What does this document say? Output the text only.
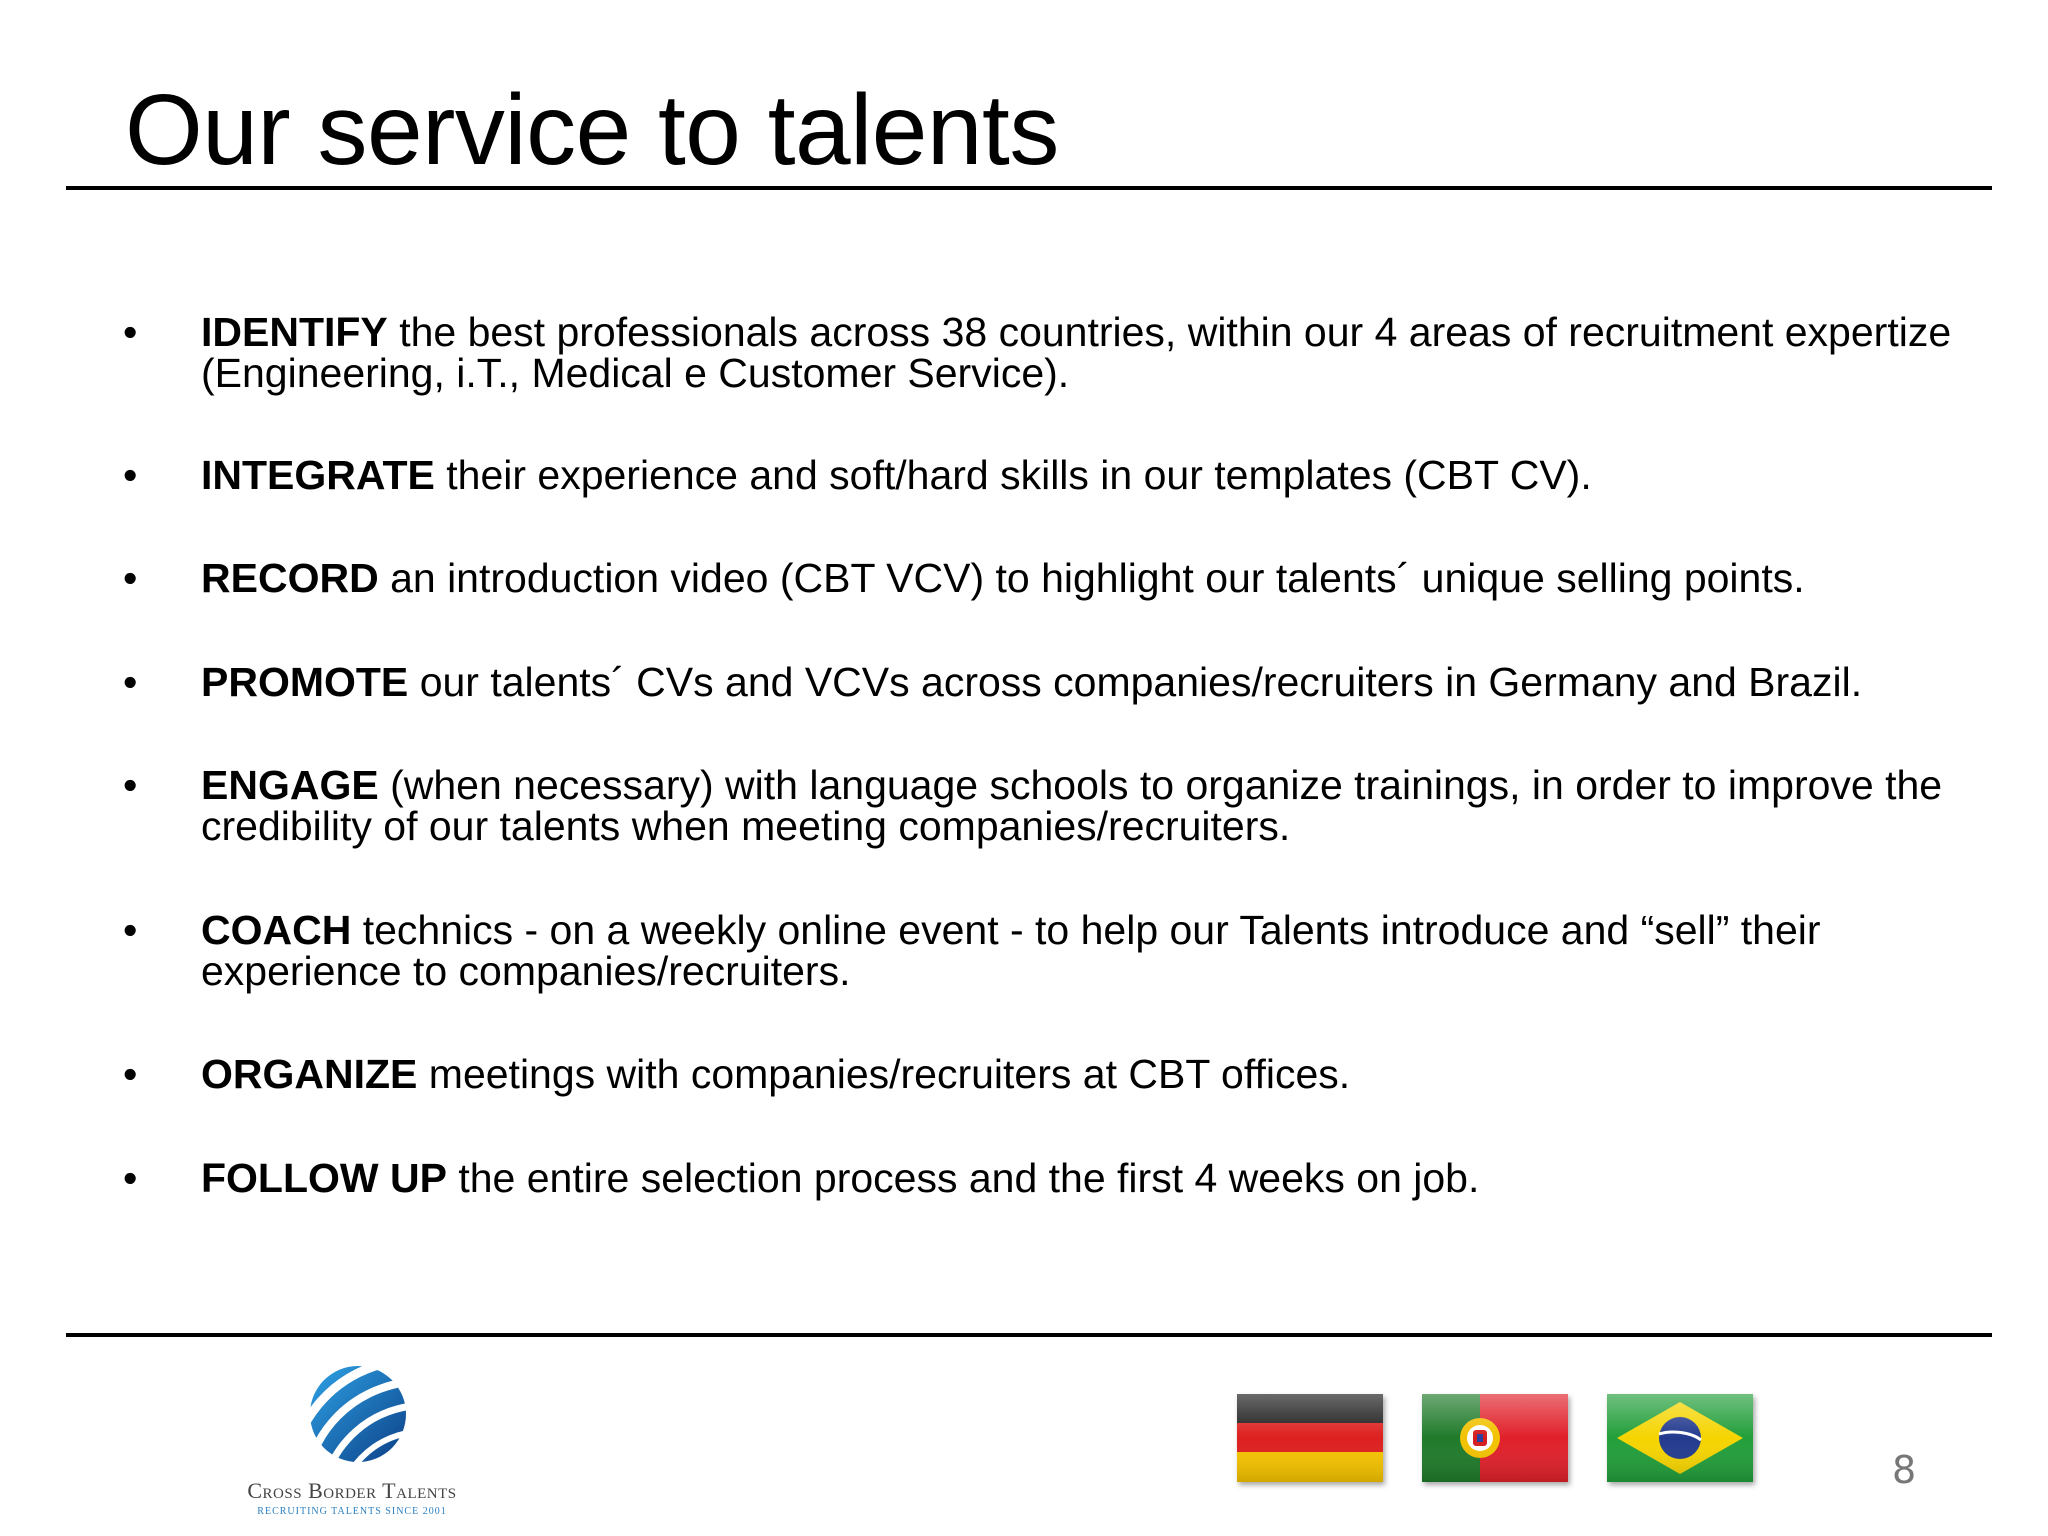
Our service to talents
• IDENTIFY the best professionals across 38 countries, within our 4 areas of recruitment expertize (Engineering, i.T., Medical e Customer Service).

• INTEGRATE their experience and soft/hard skills in our templates (CBT CV).

• RECORD an introduction video (CBT VCV) to highlight our talents´ unique selling points.

• PROMOTE our talents´ CVs and VCVs across companies/recruiters in Germany and Brazil.

• ENGAGE (when necessary) with language schools to organize trainings, in order to improve the credibility of our talents when meeting companies/recruiters.

• COACH technics - on a weekly online event - to help our Talents introduce and “sell” their experience to companies/recruiters.

• ORGANIZE meetings with companies/recruiters at CBT offices.

• FOLLOW UP the entire selection process and the first 4 weeks on job.

Cross Border Talents
RECRUITING TALENTS SINCE 2001
8
